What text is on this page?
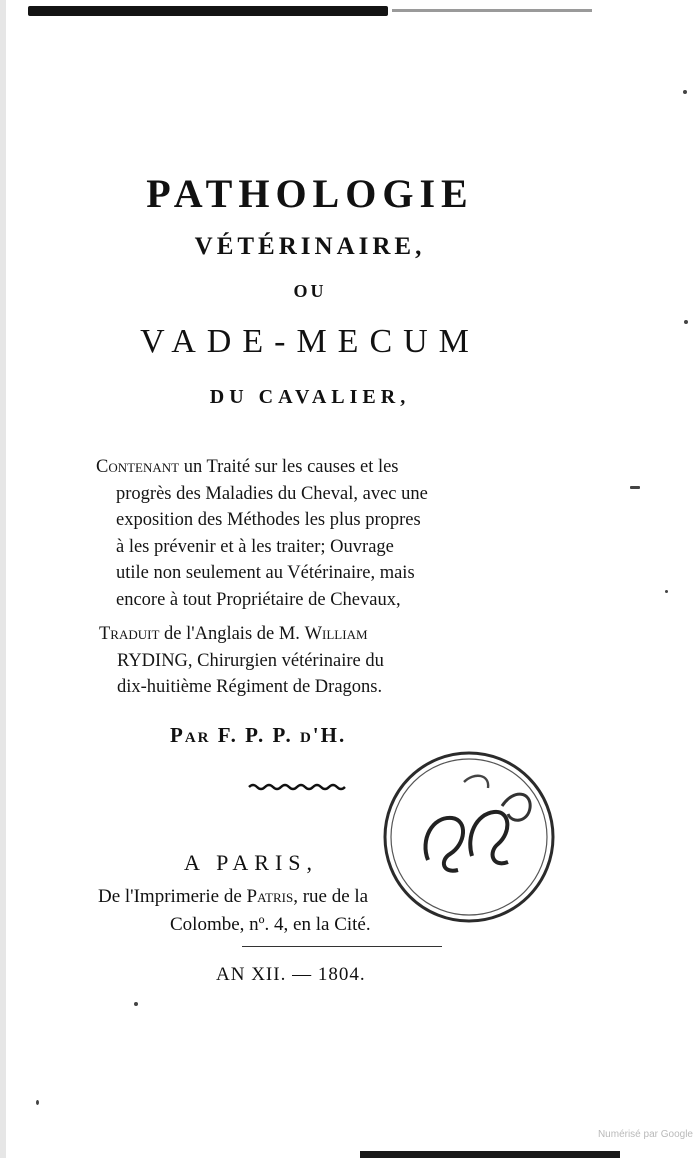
PATHOLOGIE
VÉTÉRINAIRE,
OU
VADE-MECUM
DU CAVALIER,
Contenant un Traité sur les causes et les
progrès des Maladies du Cheval, avec une
exposition des Méthodes les plus propres
à les prévenir et à les traiter; Ouvrage
utile non seulement au Vétérinaire, mais
encore à tout Propriétaire de Chevaux,
Traduit de l'Anglais de M. William
RYDING, Chirurgien vétérinaire du
dix-huitième Régiment de Dragons.
Par F. P. P. d'H.
A PARIS,
De l'Imprimerie de Patris, rue de la
Colombe, nº. 4, en la Cité.
AN XII. — 1804.
Numérisé par Google
